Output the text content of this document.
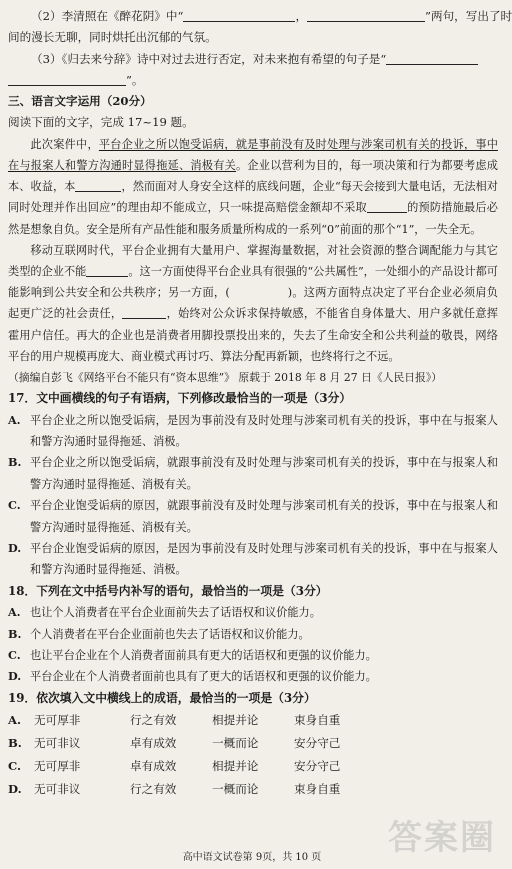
（2）李清照在《醉花阴》中“	，	”两句，写出了时
间的漫长无聊，同时烘托出沉郁的气氛。
（3）《归去来兮辞》诗中对过去进行否定，对未来抱有希望的句子是“
”。
三、语言文字运用（20分）
阅读下面的文字，完成 17~19 题。

此次案件中，平台企业之所以饱受诟病，就是事前没有及时处理与涉案司机有关的投诉，事中在与报案人和警方沟通时显得拖延、消极有关。企业以营利为目的，每一项决策和行为都要考虑成本、收益，本	，然而面对人身安全这样的底线问题，企业“每天会接到大量电话，无法相对同时处理并作出回应”的理由却不能成立，只一味提高赔偿金额却不采取	的预防措施最后必然是想象自负。安全是所有产品性能和服务质量所构成的一系列“0”前面的那个“1”，一失全无。

移动互联网时代，平台企业拥有大量用户、掌握海量数据，对社会资源的整合调配能力与其它类型的企业不能	。这一方面使得平台企业具有很强的“公共属性”，一处细小的产品设计都可能影响到公共安全和公共秩序；另一方面，(	)。这两方面特点决定了平台企业必须肩负起更广泛的社会责任，	，始终对公众诉求保持敏感，不能省自身体量大、用户多就任意挥霍用户信任。再大的企业也是消费者用脚投票投出来的，失去了生命安全和公共利益的敬畏，网络平台的用户规模再庞大、商业模式再讨巧、算法分配再新颖，也终将行之不远。

（摘编自彭飞《网络平台不能只有“资本思维”》 原载于 2018 年 8 月 27 日《人民日报》）
17．文中画横线的句子有语病，下列修改最恰当的一项是（3分）
A. 平台企业之所以饱受诟病，是因为事前没有及时处理与涉案司机有关的投诉，事中在与报案人和警方沟通时显得拖延、消极。
B. 平台企业之所以饱受诟病，就跟事前没有及时处理与涉案司机有关的投诉，事中在与报案人和警方沟通时显得拖延、消极有关。
C. 平台企业饱受诟病的原因，就跟事前没有及时处理与涉案司机有关的投诉，事中在与报案人和警方沟通时显得拖延、消极有关。
D. 平台企业饱受诟病的原因，是因为事前没有及时处理与涉案司机有关的投诉，事中在与报案人和警方沟通时显得拖延、消极。
18．下列在文中括号内补写的语句，最恰当的一项是（3分）
A. 也让个人消费者在平台企业面前失去了话语权和议价能力。
B. 个人消费者在平台企业面前也失去了话语权和议价能力。
C. 也让平台企业在个人消费者面前具有更大的话语权和更强的议价能力。
D. 平台企业在个人消费者面前也具有了更大的话语权和更强的议价能力。
19．依次填入文中横线上的成语，最恰当的一项是（3分）
A.	无可厚非	行之有效	相提并论	束身自重
B.	无可非议	卓有成效	一概而论	安分守己
C.	无可厚非	卓有成效	相提并论	安分守己
D.	无可非议	行之有效	一概而论	束身自重
答案圈
高中语文试卷第 9页，共 10 页
